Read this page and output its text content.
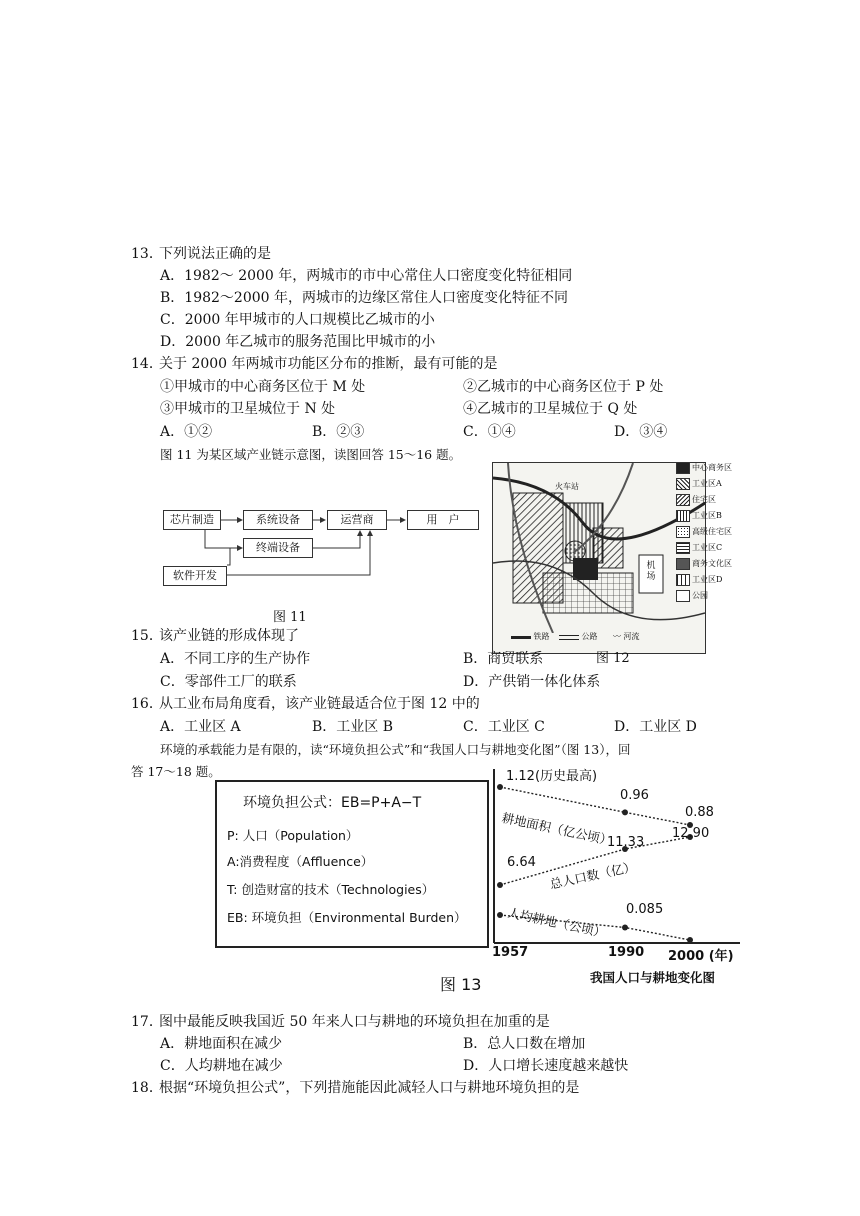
13．
下列说法正确的是
A．1982～ 2000 年，两城市的市中心常住人口密度变化特征相同
B．1982～2000 年，两城市的边缘区常住人口密度变化特征不同
C．2000 年甲城市的人口规模比乙城市的小
D．2000 年乙城市的服务范围比甲城市的小
14．
关于 2000 年两城市功能区分布的推断，最有可能的是
①甲城市的中心商务区位于 M 处	②乙城市的中心商务区位于 P 处
③甲城市的卫星城位于 N 处	④乙城市的卫星城位于 Q 处
A．①②	B．②③	C．①④	D．③④
图 11 为某区域产业链示意图，读图回答 15～16 题。
芯片制造	系统设备	运营商	用　户
终端设备
软件开发
图 11
火车站
机场
铁路	公路 〰 河流
中心商务区
工业区A
住宅区
工业区B
高级住宅区
工业区C
商务文化区
工业区D
公园
图 12
15．
该产业链的形成体现了
A．不同工序的生产协作	B．商贸联系
C．零部件工厂的联系	D．产供销一体化体系
16．
从工业布局角度看，该产业链最适合位于图 12 中的
A．工业区 A	B．工业区 B	C．工业区 C	D．工业区 D
环境的承载能力是有限的，读“环境负担公式”和“我国人口与耕地变化图”（图 13），回
答 17～18 题。
环境负担公式：EB=P+A−T
P: 人口（Population）
A:消费程度（Affluence）
T: 创造财富的技术（Technologies）
EB: 环境负担（Environmental Burden）
1.12(历史最高)
0.96
0.88
耕地面积（亿公顷）	12.90
11.33
6.64 总人口数（亿）
人均耕地（公顷） 0.085
1957	1990 2000 (年)
我国人口与耕地变化图
图 13
17．
图中最能反映我国近 50 年来人口与耕地的环境负担在加重的是
A．耕地面积在减少	B．总人口数在增加
C．人均耕地在减少	D．人口增长速度越来越快
18．
根据“环境负担公式”，下列措施能因此减轻人口与耕地环境负担的是
